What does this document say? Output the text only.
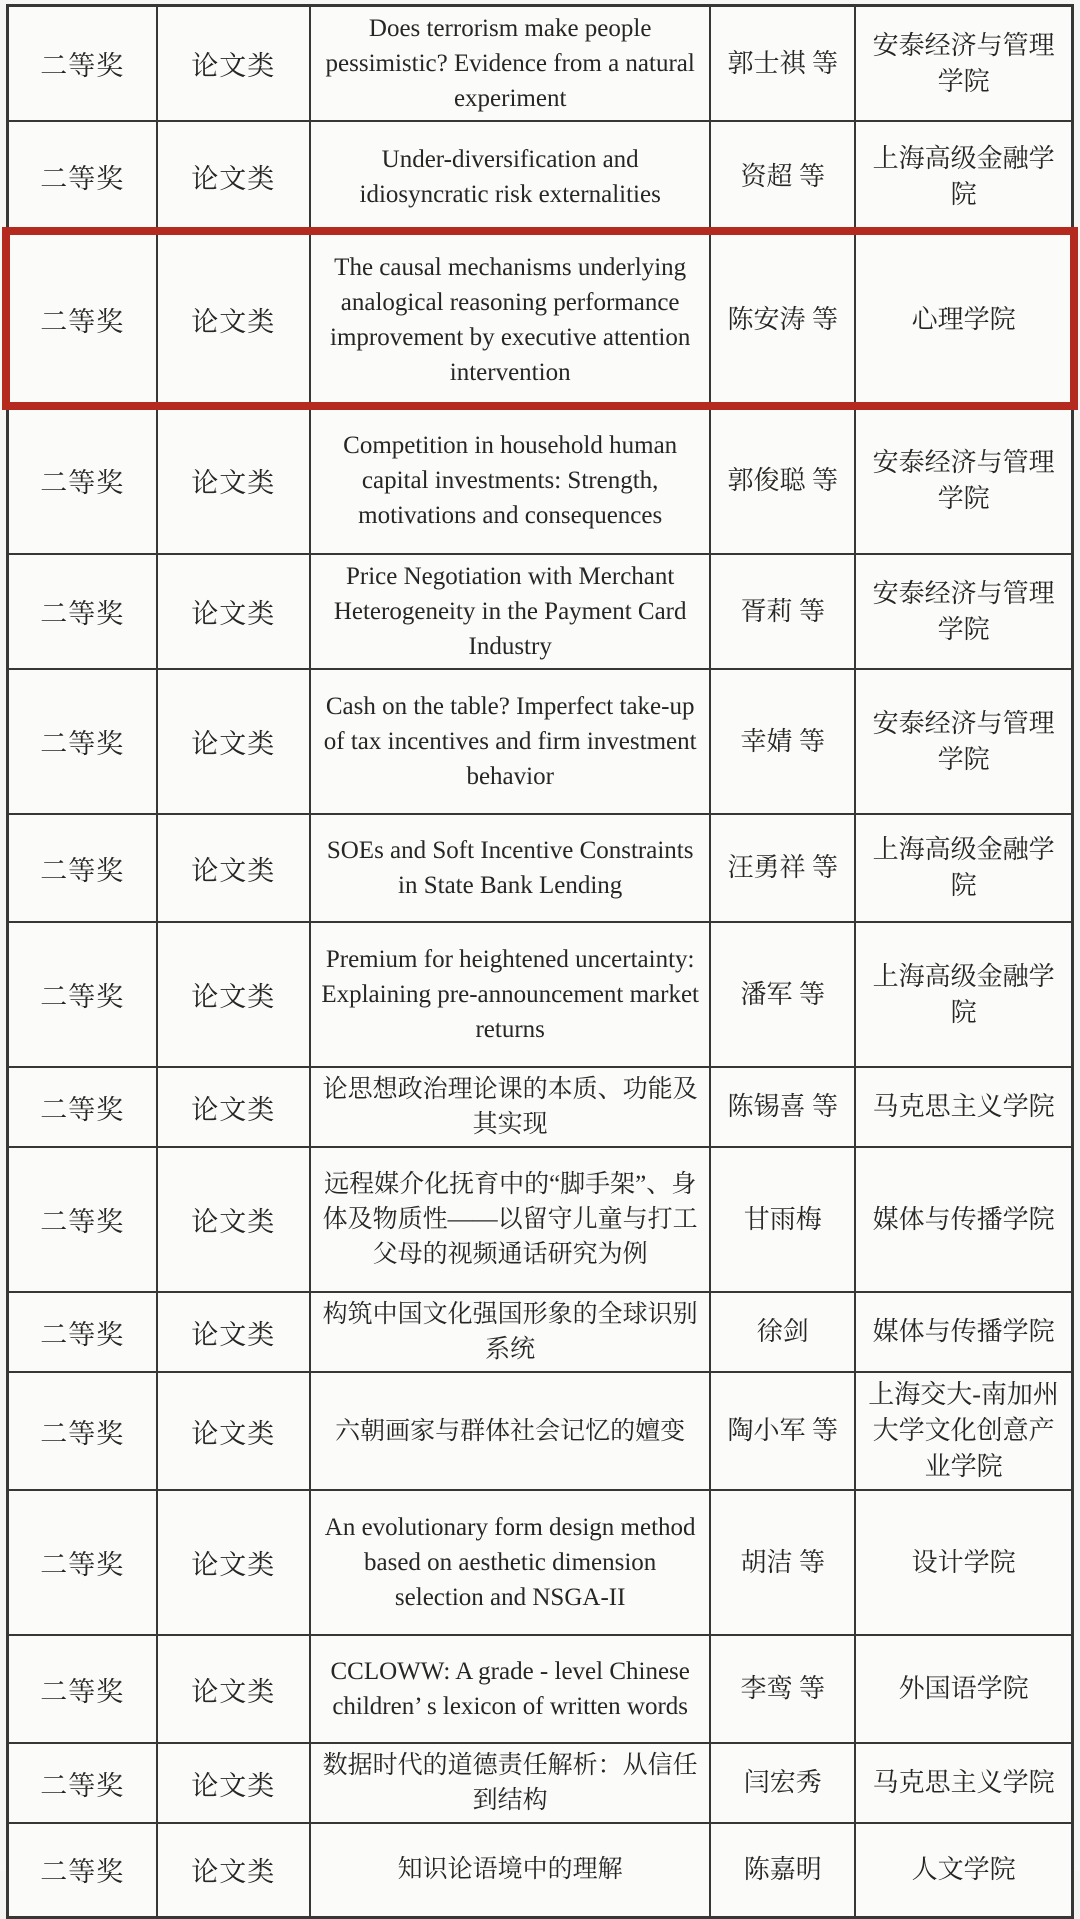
二等奖	论文类	Does terrorism make people pessimistic? Evidence from a natural experiment	郭士祺 等	安泰经济与管理学院
二等奖	论文类	Under-diversification and idiosyncratic risk externalities	资超 等	上海高级金融学院
二等奖	论文类	The causal mechanisms underlying analogical reasoning performance improvement by executive attention intervention	陈安涛 等	心理学院
二等奖	论文类	Competition in household human capital investments: Strength, motivations and consequences	郭俊聪 等	安泰经济与管理学院
二等奖	论文类	Price Negotiation with Merchant Heterogeneity in the Payment Card Industry	胥莉 等	安泰经济与管理学院
二等奖	论文类	Cash on the table? Imperfect take-up of tax incentives and firm investment behavior	幸婧 等	安泰经济与管理学院
二等奖	论文类	SOEs and Soft Incentive Constraints in State Bank Lending	汪勇祥 等	上海高级金融学院
二等奖	论文类	Premium for heightened uncertainty: Explaining pre-announcement market returns	潘军 等	上海高级金融学院
二等奖	论文类	论思想政治理论课的本质、功能及其实现	陈锡喜 等	马克思主义学院
二等奖	论文类	远程媒介化抚育中的“脚手架”、身体及物质性——以留守儿童与打工父母的视频通话研究为例	甘雨梅	媒体与传播学院
二等奖	论文类	构筑中国文化强国形象的全球识别系统	徐剑	媒体与传播学院
二等奖	论文类	六朝画家与群体社会记忆的嬗变	陶小军 等	上海交大-南加州大学文化创意产业学院
二等奖	论文类	An evolutionary form design method based on aesthetic dimension selection and NSGA-II	胡洁 等	设计学院
二等奖	论文类	CCLOWW: A grade - level Chinese children’ s lexicon of written words	李鸾 等	外国语学院
二等奖	论文类	数据时代的道德责任解析：从信任到结构	闫宏秀	马克思主义学院
二等奖	论文类	知识论语境中的理解	陈嘉明	人文学院
